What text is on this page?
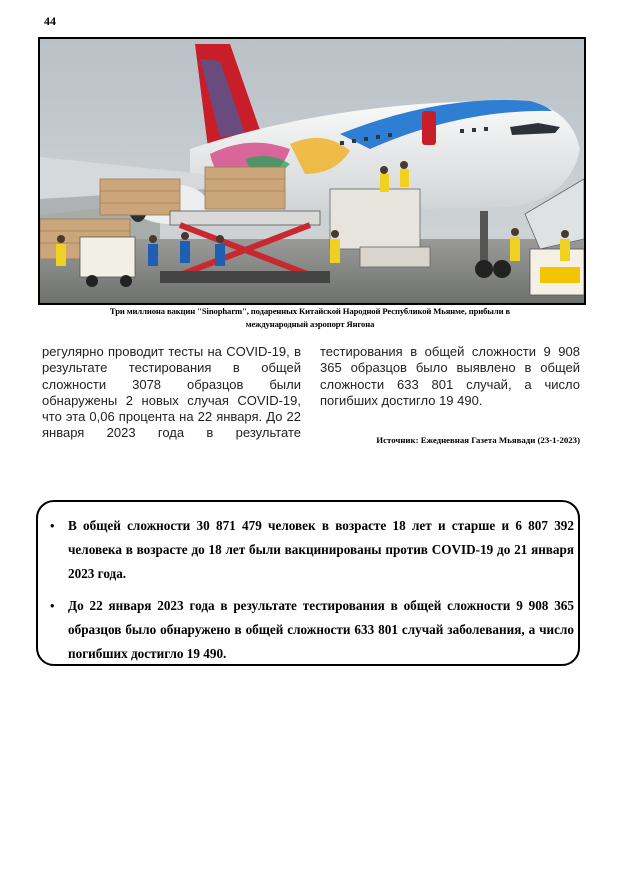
44
Три миллиона вакцин "Sinopharm", подаренных Китайской Народной Республикой Мьянме, прибыли в
международный аэропорт Янгона
регулярно проводит тесты на COVID-19, в результате тестирования в общей сложности 3078 образцов были обнаружены 2 новых случая COVID-19, что эта 0,06 процента на 22 января. До 22 января 2023 года в результате
тестирования в общей сложности 9 908 365 образцов было выявлено в общей сложности 633 801 случай, а число погибших достигло 19 490.
Источник: Ежедневная Газета Мьявади (23-1-2023)
• В общей сложности 30 871 479 человек в возрасте 18 лет и старше и 6 807 392 человека в возрасте до 18 лет были вакцинированы против COVID-19 до 21 января 2023 года.
• До 22 января 2023 года в результате тестирования в общей сложности 9 908 365 образцов было обнаружено в общей сложности 633 801 случай заболевания, а число погибших достигло 19 490.
